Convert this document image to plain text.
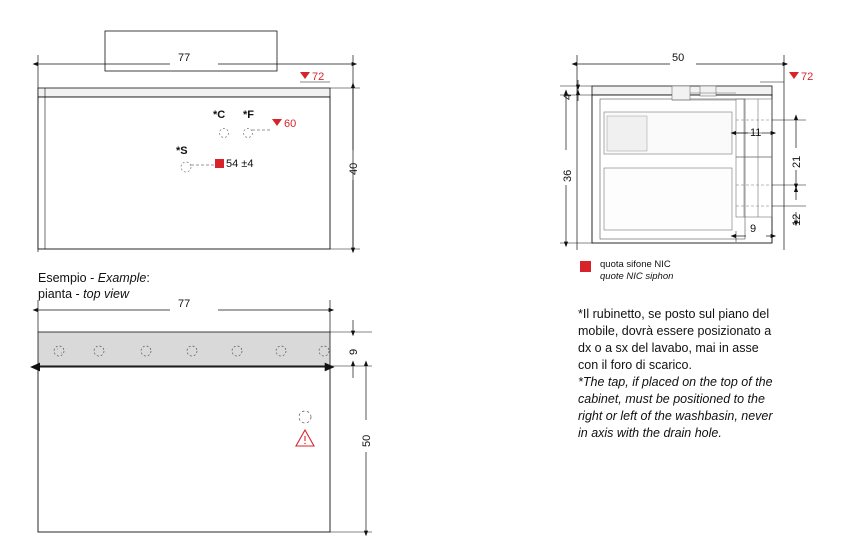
77
72
*C *F
60
*S
54 ±4	40
Esempio - Example:
pianta - top view
77
9
50
50
72
4
36
11
21
12
9
quota sifone NIC
quote NIC siphon
*Il rubinetto, se posto sul piano del
mobile, dovrà essere posizionato a
dx o a sx del lavabo, mai in asse
con il foro di scarico.
*The tap, if placed on the top of the
cabinet, must be positioned to the
right or left of the washbasin, never
in axis with the drain hole.
